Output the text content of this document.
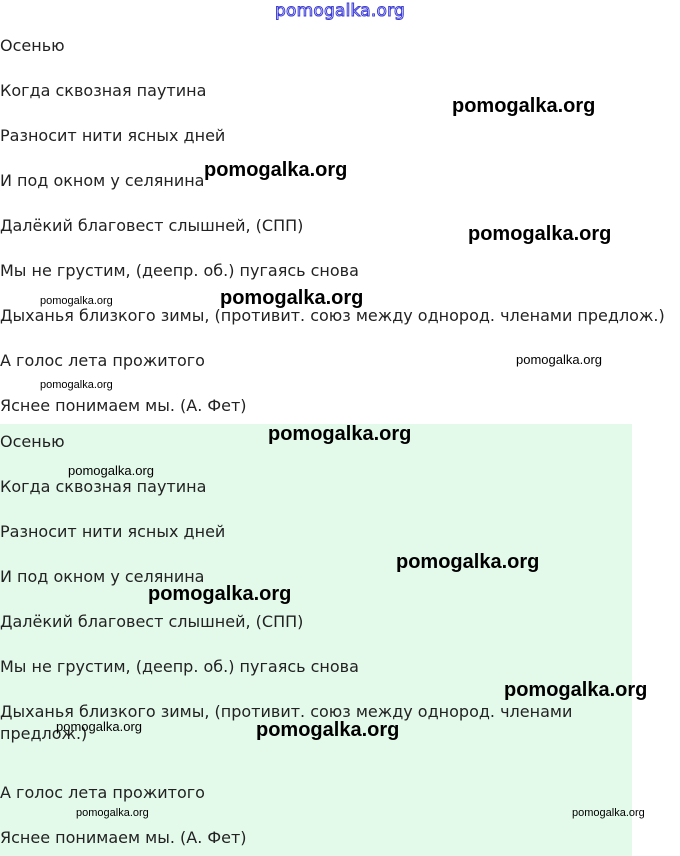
pomogalka.org
Осенью
Когда сквозная паутина
Разносит нити ясных дней
И под окном у селянина
Далёкий благовест слышней, (СПП)
Мы не грустим, (деепр. об.) пугаясь снова
Дыханья близкого зимы, (противит. союз между однород. членами предлож.)
А голос лета прожитого
Яснее понимаем мы. (А. Фет)
Осенью
Когда сквозная паутина
Разносит нити ясных дней
И под окном у селянина
Далёкий благовест слышней, (СПП)
Мы не грустим, (деепр. об.) пугаясь снова
Дыханья близкого зимы, (противит. союз между однород. членами предлож.)
А голос лета прожитого
Яснее понимаем мы. (А. Фет)
pomogalka.org
pomogalka.org
pomogalka.org
pomogalka.org	pomogalka.org
pomogalka.org
pomogalka.org
pomogalka.org
pomogalka.org
pomogalka.org
pomogalka.org
pomogalka.org
pomogalka.org	pomogalka.org
pomogalka.org	pomogalka.org
